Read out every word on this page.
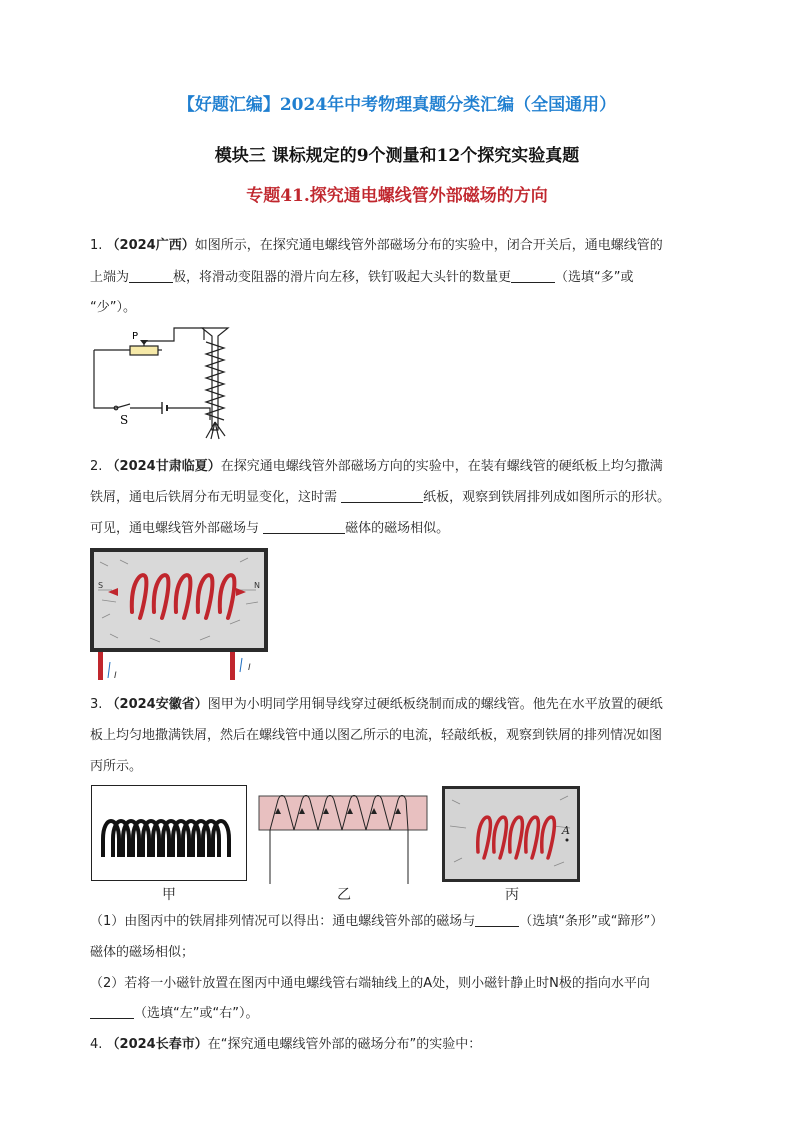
【好题汇编】2024年中考物理真题分类汇编（全国通用）
模块三 课标规定的9个测量和12个探究实验真题
专题41.探究通电螺线管外部磁场的方向
1. （2024广西）如图所示，在探究通电螺线管外部磁场分布的实验中，闭合开关后，通电螺线管的
上端为	极，将滑动变阻器的滑片向左移，铁钉吸起大头针的数量更	（选填“多”或
“少”）。
P
S
2. （2024甘肃临夏）在探究通电螺线管外部磁场方向的实验中，在装有螺线管的硬纸板上均匀撒满
铁屑，通电后铁屑分布无明显变化，这时需	纸板，观察到铁屑排列成如图所示的形状。
可见，通电螺线管外部磁场与	磁体的磁场相似。
S	N
I
I
3. （2024安徽省）图甲为小明同学用铜导线穿过硬纸板绕制而成的螺线管。他先在水平放置的硬纸
板上均匀地撒满铁屑，然后在螺线管中通以图乙所示的电流，轻敲纸板，观察到铁屑的排列情况如图
丙所示。
甲	乙
A
丙
（1）由图丙中的铁屑排列情况可以得出：通电螺线管外部的磁场与	（选填“条形”或“蹄形”）
磁体的磁场相似；
（2）若将一小磁针放置在图丙中通电螺线管右端轴线上的A处，则小磁针静止时N极的指向水平向
（选填“左”或“右”）。
4. （2024长春市）在“探究通电螺线管外部的磁场分布”的实验中：
